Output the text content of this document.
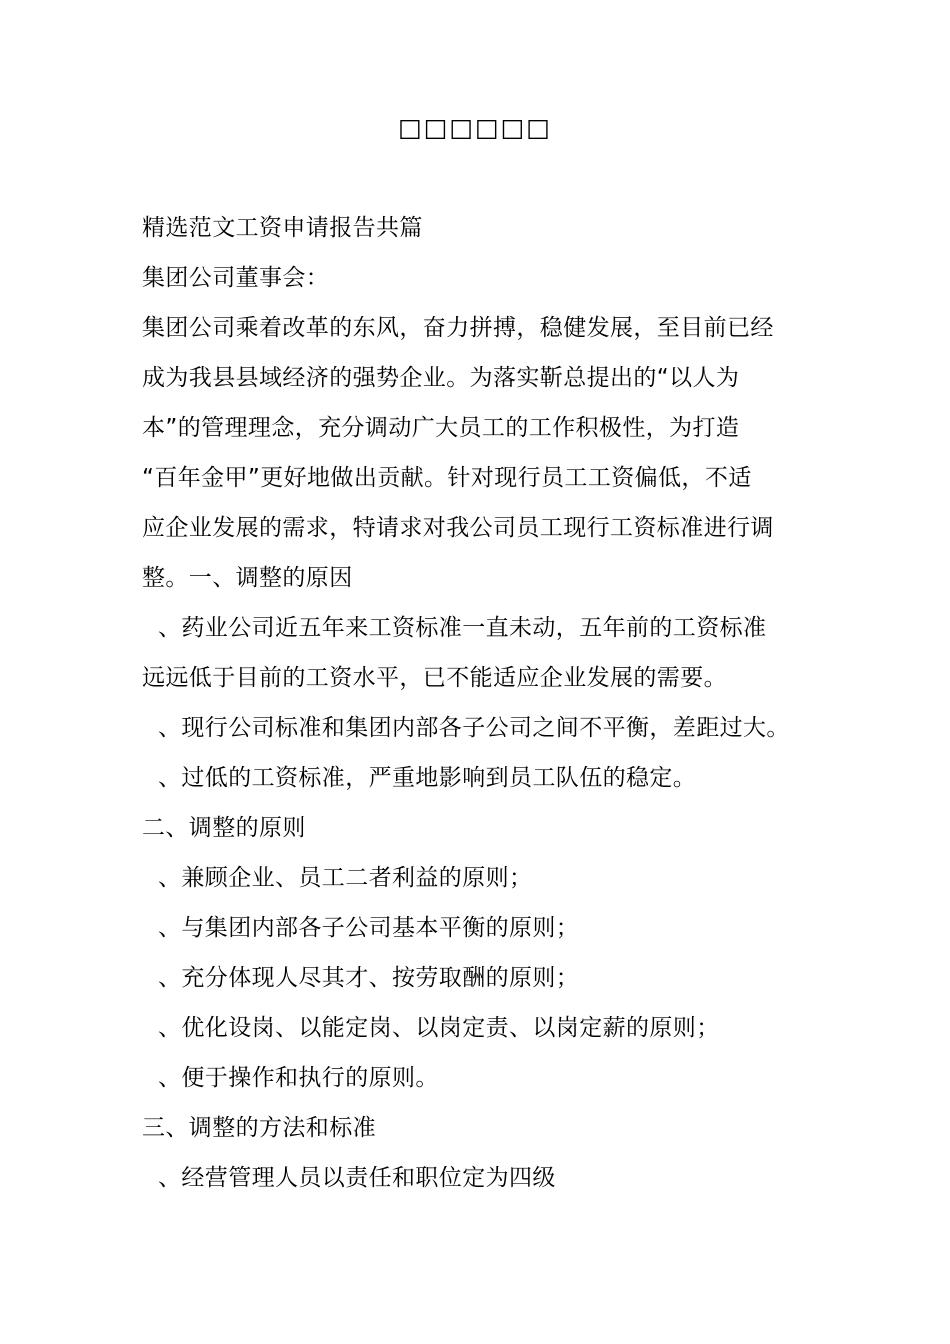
□□□□□□
精选范文工资申请报告共篇
集团公司董事会：
集团公司乘着改革的东风，奋力拼搏，稳健发展，至目前已经
成为我县县域经济的强势企业。为落实靳总提出的“以人为
本”的管理理念，充分调动广大员工的工作积极性，为打造
“百年金甲”更好地做出贡献。针对现行员工工资偏低，不适
应企业发展的需求，特请求对我公司员工现行工资标准进行调
整。一、调整的原因
、药业公司近五年来工资标准一直未动，五年前的工资标准
远远低于目前的工资水平，已不能适应企业发展的需要。
、现行公司标准和集团内部各子公司之间不平衡，差距过大。
、过低的工资标准，严重地影响到员工队伍的稳定。
二、调整的原则
、兼顾企业、员工二者利益的原则；
、与集团内部各子公司基本平衡的原则；
、充分体现人尽其才、按劳取酬的原则；
、优化设岗、以能定岗、以岗定责、以岗定薪的原则；
、便于操作和执行的原则。
三、调整的方法和标准
、经营管理人员以责任和职位定为四级
